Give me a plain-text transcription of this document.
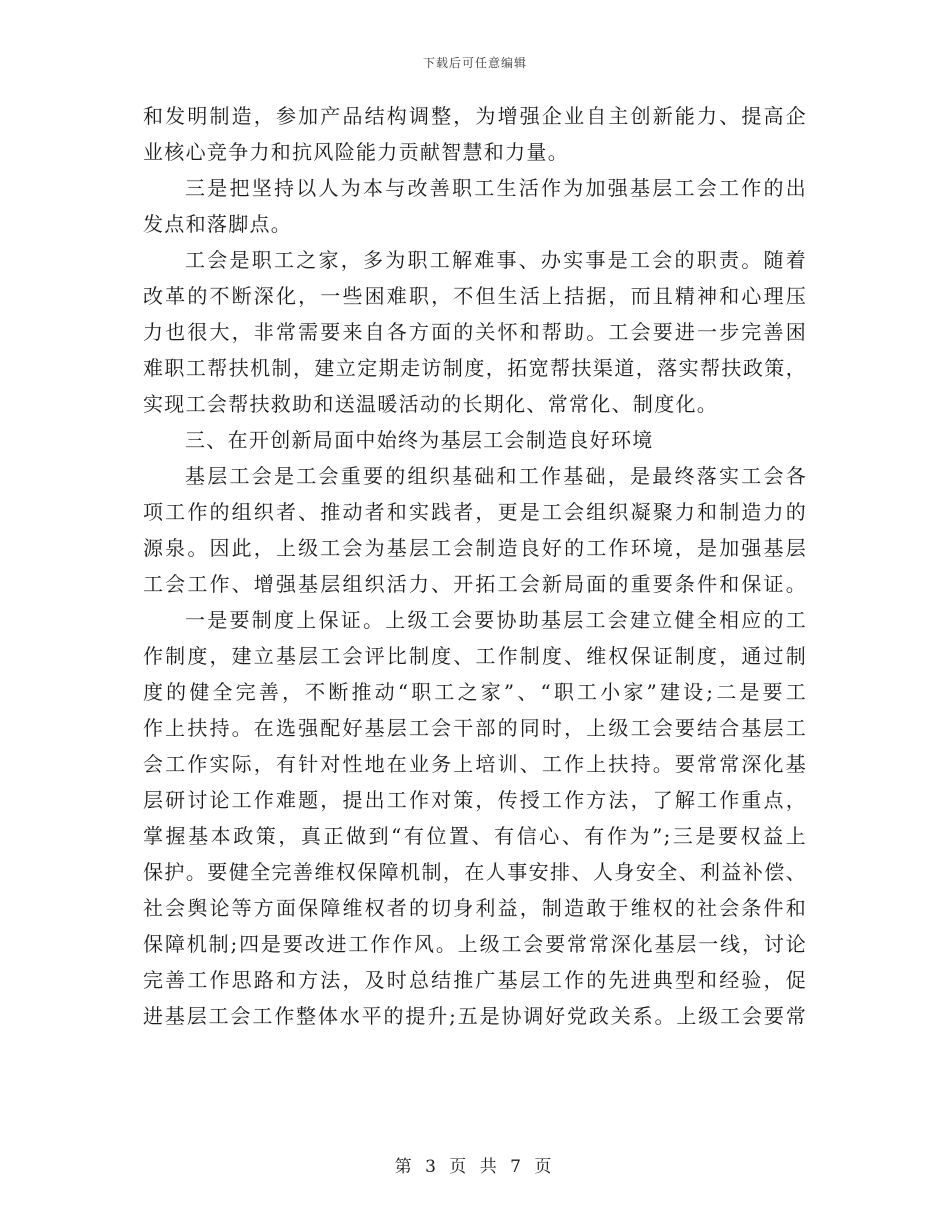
下载后可任意编辑
和发明制造，参加产品结构调整，为增强企业自主创新能力、提高企
业核心竞争力和抗风险能力贡献智慧和力量。
三是把坚持以人为本与改善职工生活作为加强基层工会工作的出
发点和落脚点。
工会是职工之家，多为职工解难事、办实事是工会的职责。随着
改革的不断深化，一些困难职，不但生活上拮据，而且精神和心理压
力也很大，非常需要来自各方面的关怀和帮助。工会要进一步完善困
难职工帮扶机制，建立定期走访制度，拓宽帮扶渠道，落实帮扶政策，
实现工会帮扶救助和送温暖活动的长期化、常常化、制度化。
三、在开创新局面中始终为基层工会制造良好环境
基层工会是工会重要的组织基础和工作基础，是最终落实工会各
项工作的组织者、推动者和实践者，更是工会组织凝聚力和制造力的
源泉。因此，上级工会为基层工会制造良好的工作环境，是加强基层
工会工作、增强基层组织活力、开拓工会新局面的重要条件和保证。
一是要制度上保证。上级工会要协助基层工会建立健全相应的工
作制度，建立基层工会评比制度、工作制度、维权保证制度，通过制
度的健全完善，不断推动“职工之家”、“职工小家”建设;二是要工
作上扶持。在选强配好基层工会干部的同时，上级工会要结合基层工
会工作实际，有针对性地在业务上培训、工作上扶持。要常常深化基
层研讨论工作难题，提出工作对策，传授工作方法，了解工作重点，
掌握基本政策，真正做到“有位置、有信心、有作为”;三是要权益上
保护。要健全完善维权保障机制，在人事安排、人身安全、利益补偿、
社会舆论等方面保障维权者的切身利益，制造敢于维权的社会条件和
保障机制;四是要改进工作作风。上级工会要常常深化基层一线，讨论
完善工作思路和方法，及时总结推广基层工作的先进典型和经验，促
进基层工会工作整体水平的提升;五是协调好党政关系。上级工会要常
第 3 页 共 7 页
